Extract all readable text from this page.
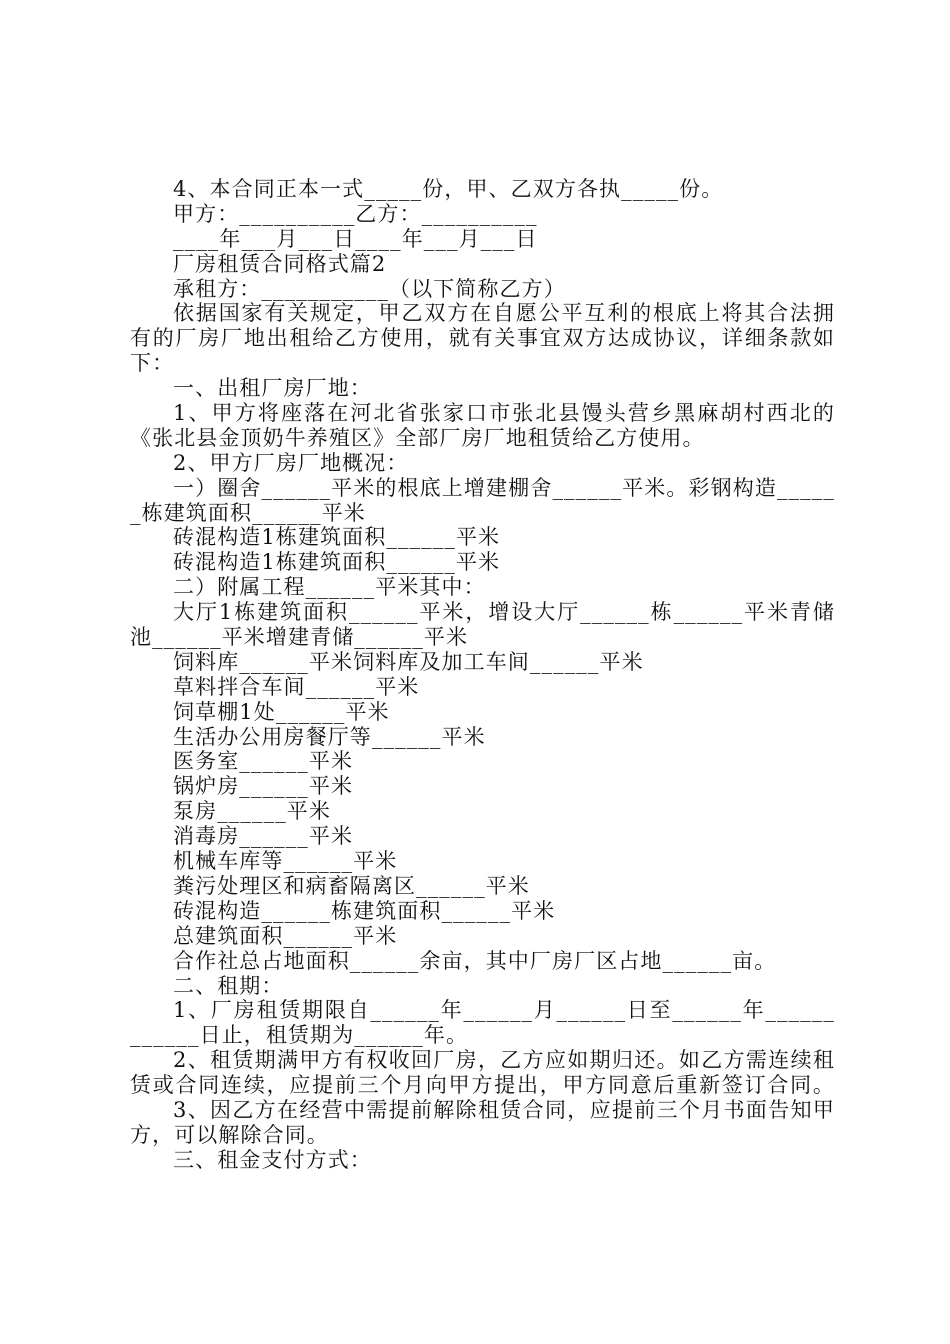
4、本合同正本一式_____份，甲、乙双方各执_____份。
甲方：__________乙方：__________
____年___月___日____年___月___日
厂房租赁合同格式篇2
承租方：___________（以下简称乙方）
依据国家有关规定，甲乙双方在自愿公平互利的根底上将其合法拥
有的厂房厂地出租给乙方使用，就有关事宜双方达成协议，详细条款如
下：
一、出租厂房厂地：
1、甲方将座落在河北省张家口市张北县馒头营乡黑麻胡村西北的
《张北县金顶奶牛养殖区》全部厂房厂地租赁给乙方使用。
2、甲方厂房厂地概况：
一）圈舍______平米的根底上增建棚舍______平米。彩钢构造_____
_栋建筑面积______平米
砖混构造1栋建筑面积______平米
砖混构造1栋建筑面积______平米
二）附属工程______平米其中：
大厅1栋建筑面积______平米，增设大厅______栋______平米青储
池______平米增建青储______平米
饲料库______平米饲料库及加工车间______平米
草料拌合车间______平米
饲草棚1处______平米
生活办公用房餐厅等______平米
医务室______平米
锅炉房______平米
泵房______平米
消毒房______平米
机械车库等______平米
粪污处理区和病畜隔离区______平米
砖混构造______栋建筑面积______平米
总建筑面积______平米
合作社总占地面积______余亩，其中厂房厂区占地______亩。
二、租期：
1、厂房租赁期限自______年______月______日至______年______
______日止，租赁期为______年。
2、租赁期满甲方有权收回厂房，乙方应如期归还。如乙方需连续租
赁或合同连续，应提前三个月向甲方提出，甲方同意后重新签订合同。
3、因乙方在经营中需提前解除租赁合同，应提前三个月书面告知甲
方，可以解除合同。
三、租金支付方式：
